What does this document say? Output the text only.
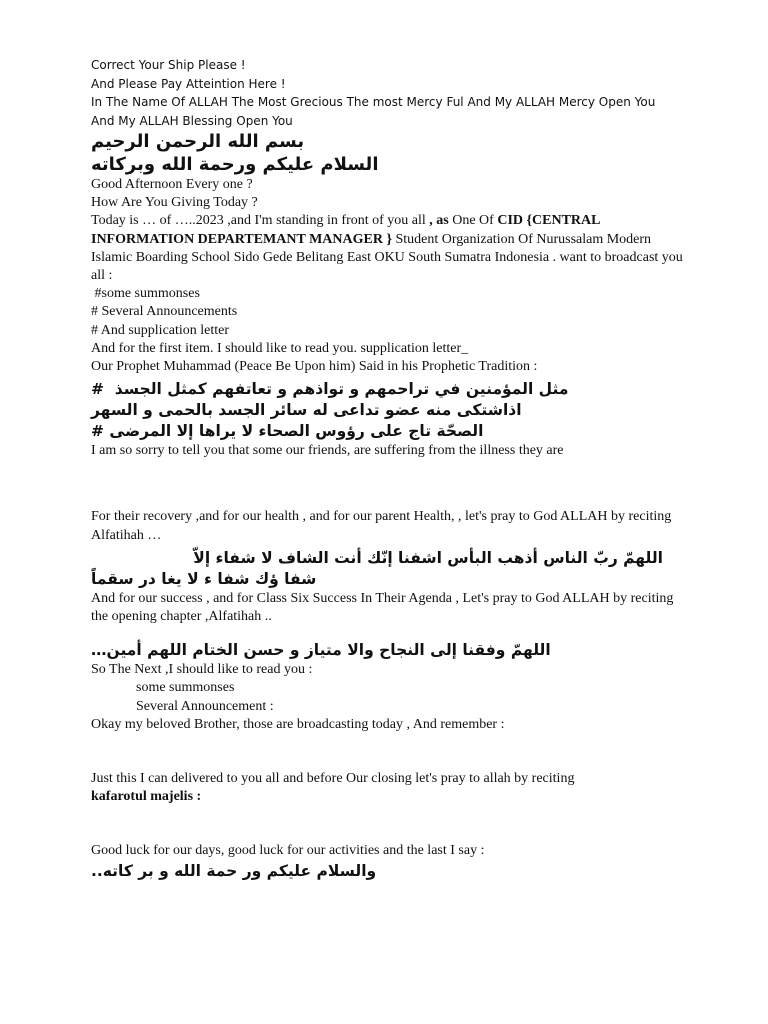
Correct Your Ship Please !
And Please Pay Atteintion Here !
In The Name Of ALLAH The Most Grecious The most Mercy Ful And My ALLAH Mercy Open You
And My ALLAH Blessing Open You
بسم الله الرحمن الرحيم
السلام عليكم ورحمة الله وبركاته
Good Afternoon Every one ?
How Are You Giving Today ?
Today is … of …..2023 ,and I'm standing in front of you all , as One Of CID {CENTRAL INFORMATION DEPARTEMANT MANAGER } Student Organization Of Nurussalam Modern Islamic Boarding School Sido Gede Belitang East OKU South Sumatra Indonesia . want to broadcast you all :
#some summonses
# Several Announcements
# And supplication letter
And for the first item. I should like to read you. supplication letter_
Our Prophet Muhammad (Peace Be Upon him) Said in his Prophetic Tradition :
مثل المؤمنين في تراحمهم و تواذهم و تعاتفهم كمثل الجسذ  #
اذاشتكى منه عضو تداعى له سائر الجسد بالحمى و السهر
الصحّة تاج على رؤوس الصحاء لا يراها إلا المرضى #
I am so sorry to tell you that some our friends, are suffering from the illness they are
For their recovery ,and for our health , and for our parent Health, , let's pray to God ALLAH by reciting Alfatihah …
اللهمّ ربّ الناس أذهب البأس اشفنا إنّك أنت الشاف لا شفاء إلاّ
شفا ؤك شفا ء لا يغا در سقماً
And for our success , and for Class Six Success In Their Agenda , Let's pray to God ALLAH by reciting the opening chapter ,Alfatihah ..
اللهمّ وفقنا إلى النجاح والا متياز و حسن الختام اللهم أمين…
So The Next ,I should like to read you :
some summonses
Several Announcement :
Okay my beloved Brother, those are broadcasting today , And remember :
Just this I can delivered to you all and before Our closing let's pray to allah by reciting
kafarotul majelis :
Good luck for our days, good luck for our activities and the last I say :
والسلام عليكم ور حمة الله و بر كاته..
